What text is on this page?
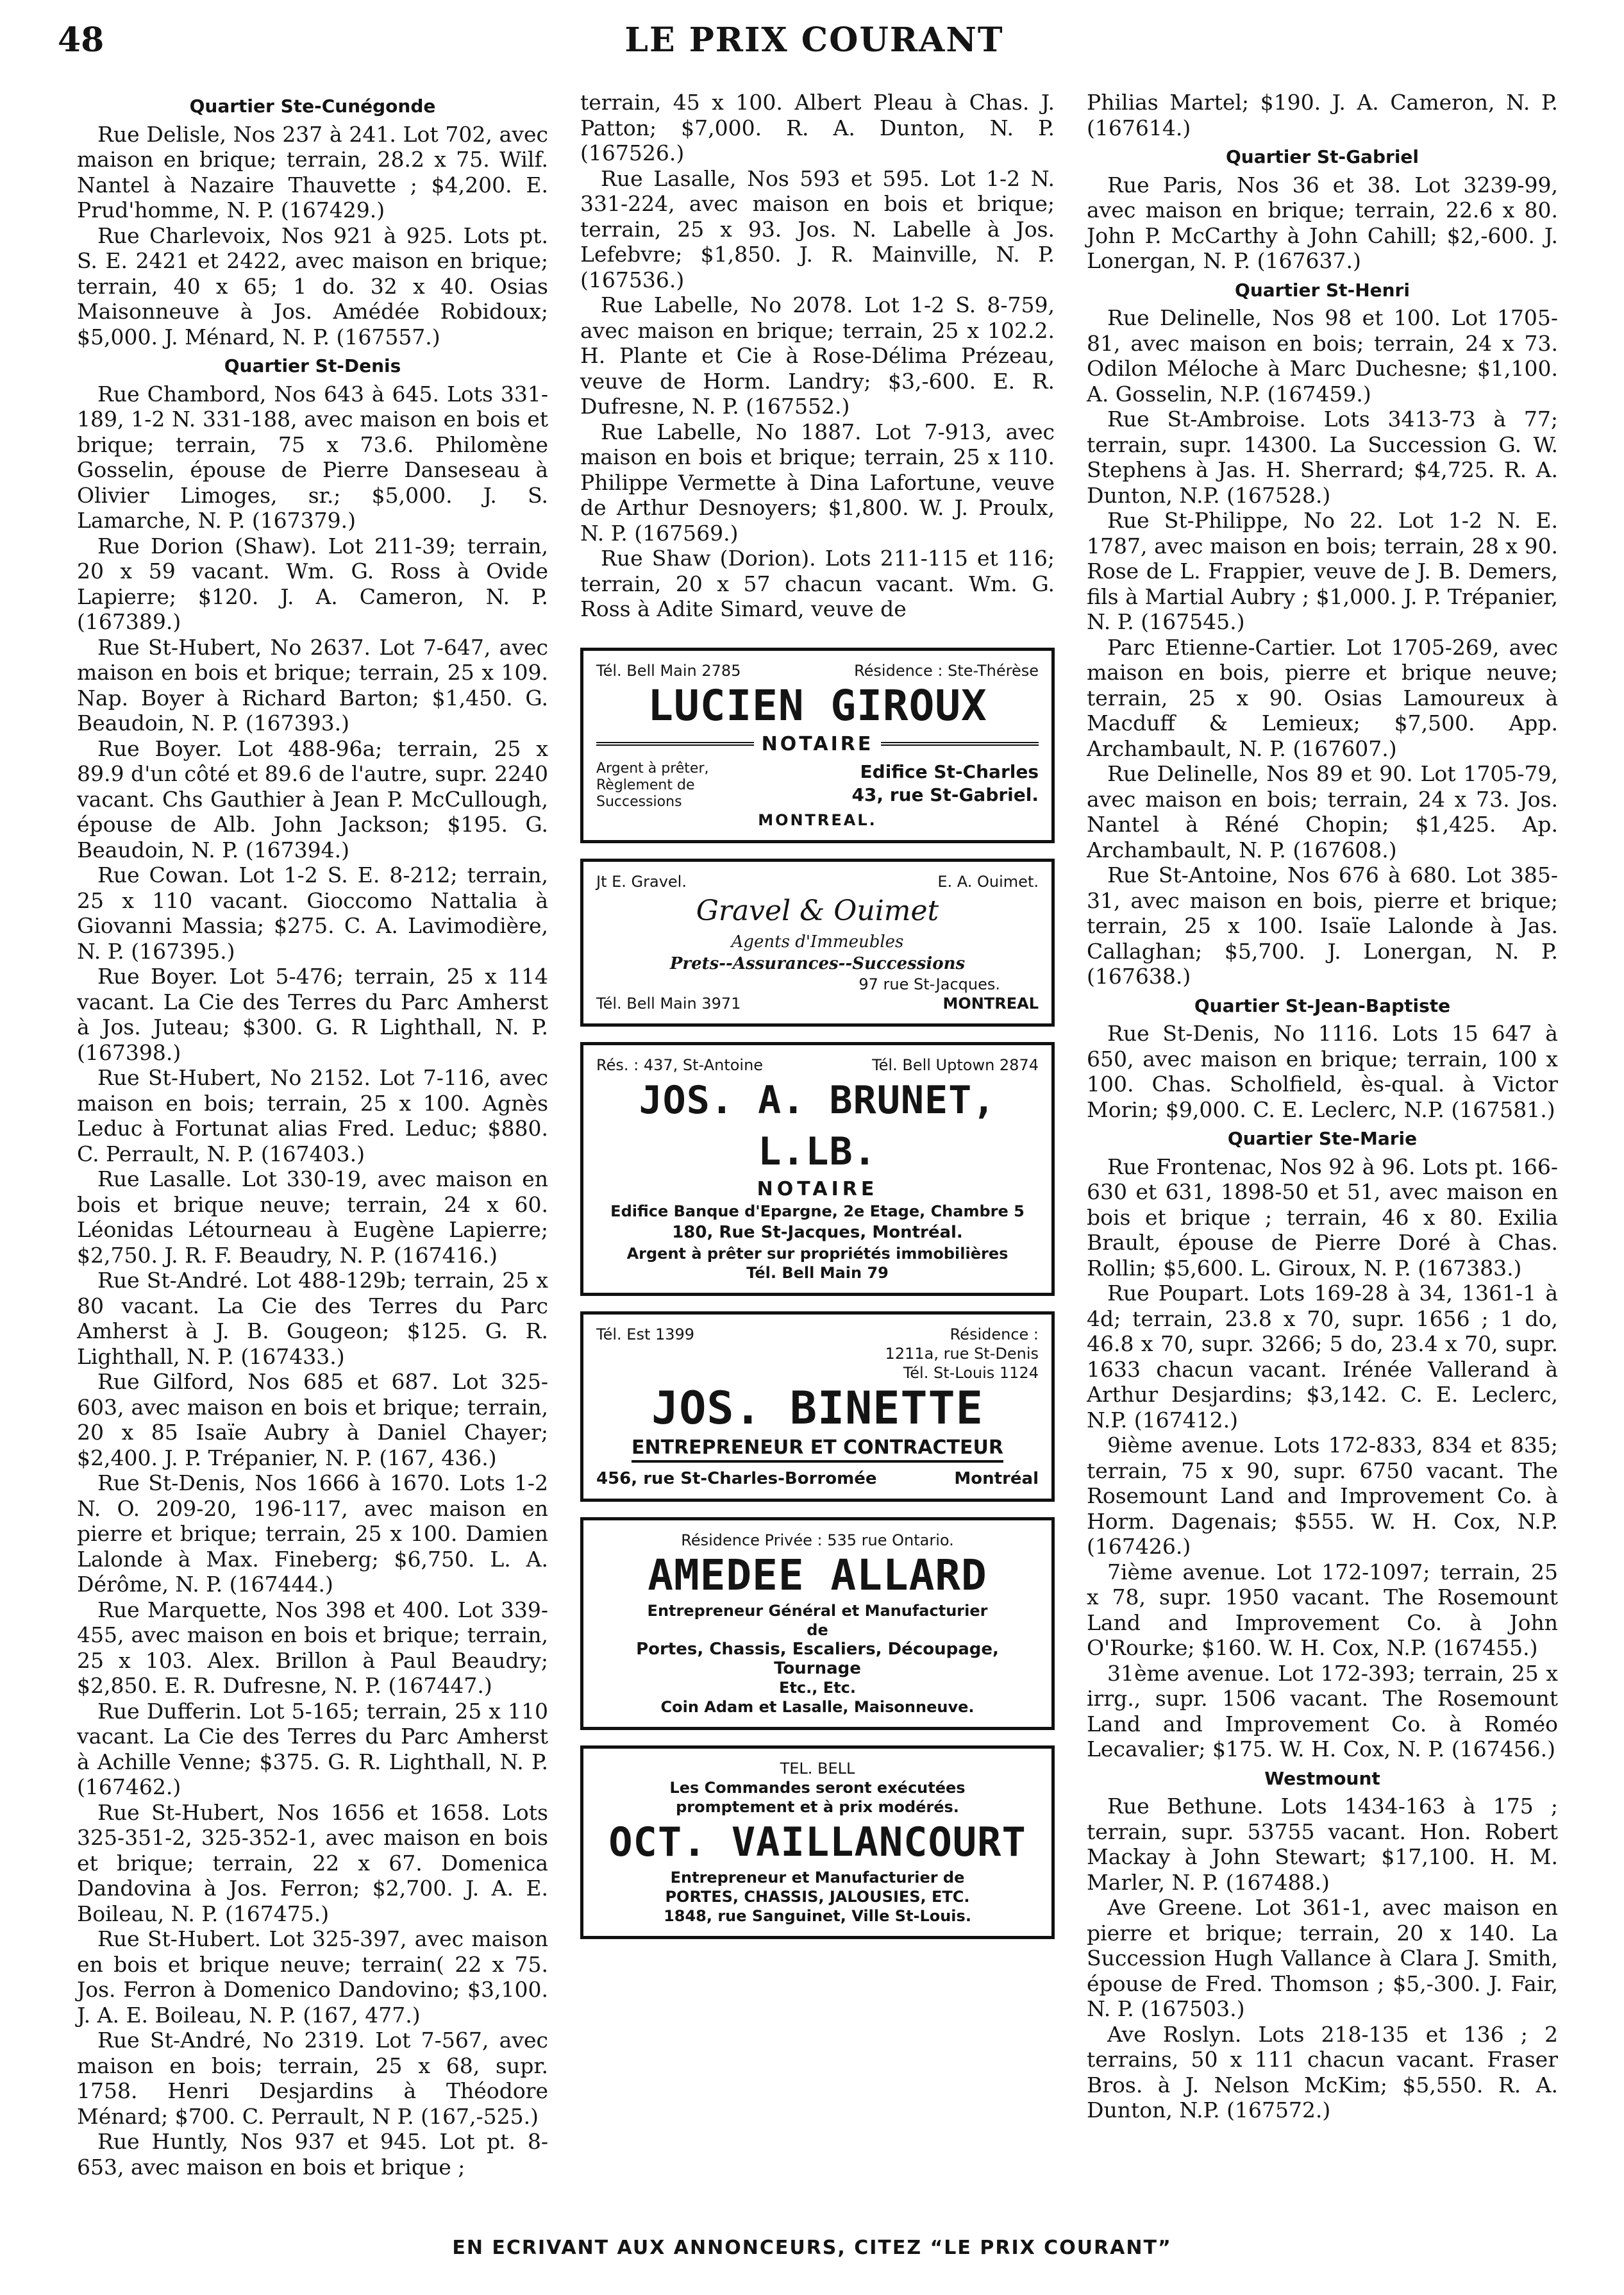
48	LE PRIX COURANT
Quartier Ste-Cunégonde

Rue Delisle, Nos 237 à 241. Lot 702, avec maison en brique; terrain, 28.2 x 75. Wilf. Nantel à Nazaire Thauvette ; $4,200. E. Prud'homme, N. P. (167429.)

Rue Charlevoix, Nos 921 à 925. Lots pt. S. E. 2421 et 2422, avec maison en brique; terrain, 40 x 65; 1 do. 32 x 40. Osias Maisonneuve à Jos. Amédée Robidoux; $5,000. J. Ménard, N. P. (167557.)

Quartier St-Denis

Rue Chambord, Nos 643 à 645. Lots 331-189, 1-2 N. 331-188, avec maison en bois et brique; terrain, 75 x 73.6. Philomène Gosselin, épouse de Pierre Danseseau à Olivier Limoges, sr.; $5,000. J. S. Lamarche, N. P. (167379.)

Rue Dorion (Shaw). Lot 211-39; terrain, 20 x 59 vacant. Wm. G. Ross à Ovide Lapierre; $120. J. A. Cameron, N. P. (167389.)

Rue St-Hubert, No 2637. Lot 7-647, avec maison en bois et brique; terrain, 25 x 109. Nap. Boyer à Richard Barton; $1,450. G. Beaudoin, N. P. (167393.)

Rue Boyer. Lot 488-96a; terrain, 25 x 89.9 d'un côté et 89.6 de l'autre, supr. 2240 vacant. Chs Gauthier à Jean P. McCullough, épouse de Alb. John Jackson; $195. G. Beaudoin, N. P. (167394.)

Rue Cowan. Lot 1-2 S. E. 8-212; terrain, 25 x 110 vacant. Gioccomo Nattalia à Giovanni Massia; $275. C. A. Lavimodière, N. P. (167395.)

Rue Boyer. Lot 5-476; terrain, 25 x 114 vacant. La Cie des Terres du Parc Amherst à Jos. Juteau; $300. G. R Lighthall, N. P. (167398.)

Rue St-Hubert, No 2152. Lot 7-116, avec maison en bois; terrain, 25 x 100. Agnès Leduc à Fortunat alias Fred. Leduc; $880. C. Perrault, N. P. (167403.)

Rue Lasalle. Lot 330-19, avec maison en bois et brique neuve; terrain, 24 x 60. Léonidas Létourneau à Eugène Lapierre; $2,750. J. R. F. Beaudry, N. P. (167416.)

Rue St-André. Lot 488-129b; terrain, 25 x 80 vacant. La Cie des Terres du Parc Amherst à J. B. Gougeon; $125. G. R. Lighthall, N. P. (167433.)

Rue Gilford, Nos 685 et 687. Lot 325-603, avec maison en bois et brique; terrain, 20 x 85 Isaïe Aubry à Daniel Chayer; $2,400. J. P. Trépanier, N. P. (167, 436.)

Rue St-Denis, Nos 1666 à 1670. Lots 1-2 N. O. 209-20, 196-117, avec maison en pierre et brique; terrain, 25 x 100. Damien Lalonde à Max. Fineberg; $6,750. L. A. Dérôme, N. P. (167444.)

Rue Marquette, Nos 398 et 400. Lot 339-455, avec maison en bois et brique; terrain, 25 x 103. Alex. Brillon à Paul Beaudry; $2,850. E. R. Dufresne, N. P. (167447.)

Rue Dufferin. Lot 5-165; terrain, 25 x 110 vacant. La Cie des Terres du Parc Amherst à Achille Venne; $375. G. R. Lighthall, N. P. (167462.)

Rue St-Hubert, Nos 1656 et 1658. Lots 325-351-2, 325-352-1, avec maison en bois et brique; terrain, 22 x 67. Domenica Dandovina à Jos. Ferron; $2,700. J. A. E. Boileau, N. P. (167475.)

Rue St-Hubert. Lot 325-397, avec maison en bois et brique neuve; terrain( 22 x 75. Jos. Ferron à Domenico Dandovino; $3,100. J. A. E. Boileau, N. P. (167, 477.)

Rue St-André, No 2319. Lot 7-567, avec maison en bois; terrain, 25 x 68, supr. 1758. Henri Desjardins à Théodore Ménard; $700. C. Perrault, N P. (167,-525.)

Rue Huntly, Nos 937 et 945. Lot pt. 8-653, avec maison en bois et brique ;

terrain, 45 x 100. Albert Pleau à Chas. J. Patton; $7,000. R. A. Dunton, N. P. (167526.)

Rue Lasalle, Nos 593 et 595. Lot 1-2 N. 331-224, avec maison en bois et brique; terrain, 25 x 93. Jos. N. Labelle à Jos. Lefebvre; $1,850. J. R. Mainville, N. P. (167536.)

Rue Labelle, No 2078. Lot 1-2 S. 8-759, avec maison en brique; terrain, 25 x 102.2. H. Plante et Cie à Rose-Délima Prézeau, veuve de Horm. Landry; $3,-600. E. R. Dufresne, N. P. (167552.)

Rue Labelle, No 1887. Lot 7-913, avec maison en bois et brique; terrain, 25 x 110. Philippe Vermette à Dina Lafortune, veuve de Arthur Desnoyers; $1,800. W. J. Proulx, N. P. (167569.)

Rue Shaw (Dorion). Lots 211-115 et 116; terrain, 20 x 57 chacun vacant. Wm. G. Ross à Adite Simard, veuve de

Tél. Bell Main 2785	Résidence : Ste-Thérèse
LUCIEN GIROUX
NOTAIRE
Argent à prêter,
Règlement de
Successions
Edifice St-Charles
43, rue St-Gabriel.
MONTREAL.
Jt E. Gravel.	E. A. Ouimet.
Gravel & Ouimet
Agents d'Immeubles
Prets--Assurances--Successions
97 rue St-Jacques.
Tél. Bell Main 3971	MONTREAL
Rés. : 437, St-Antoine	Tél. Bell Uptown 2874
JOS. A. BRUNET, L.LB.
NOTAIRE
Edifice Banque d'Epargne, 2e Etage, Chambre 5
180, Rue St-Jacques, Montréal.
Argent à prêter sur propriétés immobilières
Tél. Bell Main 79
Tél. Est 1399	Résidence :
1211a, rue St-Denis
Tél. St-Louis 1124
JOS. BINETTE
ENTREPRENEUR ET CONTRACTEUR
456, rue St-Charles-Borromée	Montréal
Résidence Privée : 535 rue Ontario.
AMEDEE ALLARD
Entrepreneur Général et Manufacturier
de
Portes, Chassis, Escaliers, Découpage, Tournage
Etc., Etc.
Coin Adam et Lasalle, Maisonneuve.
TEL. BELL
Les Commandes seront exécutées
promptement et à prix modérés.
OCT. VAILLANCOURT
Entrepreneur et Manufacturier de
PORTES, CHASSIS, JALOUSIES, ETC.
1848, rue Sanguinet, Ville St-Louis.

Philias Martel; $190. J. A. Cameron, N. P. (167614.)

Quartier St-Gabriel

Rue Paris, Nos 36 et 38. Lot 3239-99, avec maison en brique; terrain, 22.6 x 80. John P. McCarthy à John Cahill; $2,-600. J. Lonergan, N. P. (167637.)

Quartier St-Henri

Rue Delinelle, Nos 98 et 100. Lot 1705-81, avec maison en bois; terrain, 24 x 73. Odilon Méloche à Marc Duchesne; $1,100. A. Gosselin, N.P. (167459.)

Rue St-Ambroise. Lots 3413-73 à 77; terrain, supr. 14300. La Succession G. W. Stephens à Jas. H. Sherrard; $4,725. R. A. Dunton, N.P. (167528.)

Rue St-Philippe, No 22. Lot 1-2 N. E. 1787, avec maison en bois; terrain, 28 x 90. Rose de L. Frappier, veuve de J. B. Demers, fils à Martial Aubry ; $1,000. J. P. Trépanier, N. P. (167545.)

Parc Etienne-Cartier. Lot 1705-269, avec maison en bois, pierre et brique neuve; terrain, 25 x 90. Osias Lamoureux à Macduff & Lemieux; $7,500. App. Archambault, N. P. (167607.)

Rue Delinelle, Nos 89 et 90. Lot 1705-79, avec maison en bois; terrain, 24 x 73. Jos. Nantel à Réné Chopin; $1,425. Ap. Archambault, N. P. (167608.)

Rue St-Antoine, Nos 676 à 680. Lot 385-31, avec maison en bois, pierre et brique; terrain, 25 x 100. Isaïe Lalonde à Jas. Callaghan; $5,700. J. Lonergan, N. P. (167638.)

Quartier St-Jean-Baptiste

Rue St-Denis, No 1116. Lots 15 647 à 650, avec maison en brique; terrain, 100 x 100. Chas. Scholfield, ès-qual. à Victor Morin; $9,000. C. E. Leclerc, N.P. (167581.)

Quartier Ste-Marie

Rue Frontenac, Nos 92 à 96. Lots pt. 166-630 et 631, 1898-50 et 51, avec maison en bois et brique ; terrain, 46 x 80. Exilia Brault, épouse de Pierre Doré à Chas. Rollin; $5,600. L. Giroux, N. P. (167383.)

Rue Poupart. Lots 169-28 à 34, 1361-1 à 4d; terrain, 23.8 x 70, supr. 1656 ; 1 do, 46.8 x 70, supr. 3266; 5 do, 23.4 x 70, supr. 1633 chacun vacant. Irénée Vallerand à Arthur Desjardins; $3,142. C. E. Leclerc, N.P. (167412.)

9ième avenue. Lots 172-833, 834 et 835; terrain, 75 x 90, supr. 6750 vacant. The Rosemount Land and Improvement Co. à Horm. Dagenais; $555. W. H. Cox, N.P. (167426.)

7ième avenue. Lot 172-1097; terrain, 25 x 78, supr. 1950 vacant. The Rosemount Land and Improvement Co. à John O'Rourke; $160. W. H. Cox, N.P. (167455.)

31ème avenue. Lot 172-393; terrain, 25 x irrg., supr. 1506 vacant. The Rosemount Land and Improvement Co. à Roméo Lecavalier; $175. W. H. Cox, N. P. (167456.)

Westmount

Rue Bethune. Lots 1434-163 à 175 ; terrain, supr. 53755 vacant. Hon. Robert Mackay à John Stewart; $17,100. H. M. Marler, N. P. (167488.)

Ave Greene. Lot 361-1, avec maison en pierre et brique; terrain, 20 x 140. La Succession Hugh Vallance à Clara J. Smith, épouse de Fred. Thomson ; $5,-300. J. Fair, N. P. (167503.)

Ave Roslyn. Lots 218-135 et 136 ; 2 terrains, 50 x 111 chacun vacant. Fraser Bros. à J. Nelson McKim; $5,550. R. A. Dunton, N.P. (167572.)

EN ECRIVANT AUX ANNONCEURS, CITEZ “LE PRIX COURANT”
